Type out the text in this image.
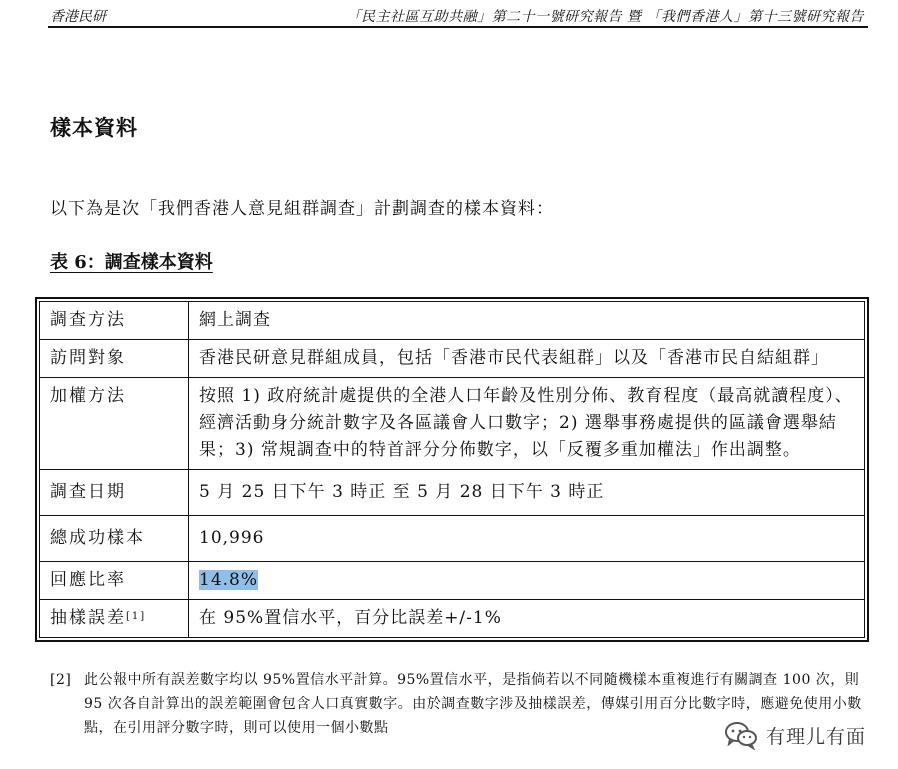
香港民研	「民主社區互助共融」第二十一號研究報告 暨 「我們香港人」第十三號研究報告
樣本資料
以下為是次「我們香港人意見組群調查」計劃調查的樣本資料：
表 6：調查樣本資料
調查方法	網上調查
訪問對象	香港民研意見群組成員，包括「香港市民代表組群」以及「香港市民自結組群」
加權方法	按照 1) 政府統計處提供的全港人口年齡及性別分佈、教育程度（最高就讀程度）、經濟活動身分統計數字及各區議會人口數字；2) 選舉事務處提供的區議會選舉結果；3) 常規調查中的特首評分分佈數字，以「反覆多重加權法」作出調整。
調查日期	5 月 25 日下午 3 時正 至 5 月 28 日下午 3 時正
總成功樣本	10,996
回應比率	14.8%
抽樣誤差[1]	在 95%置信水平，百分比誤差+/-1%
[2] 此公報中所有誤差數字均以 95%置信水平計算。95%置信水平，是指倘若以不同隨機樣本重複進行有關調查 100 次，則 95 次各自計算出的誤差範圍會包含人口真實數字。由於調查數字涉及抽樣誤差，傳媒引用百分比數字時，應避免使用小數點，在引用評分數字時，則可以使用一個小數點	有理儿有面
